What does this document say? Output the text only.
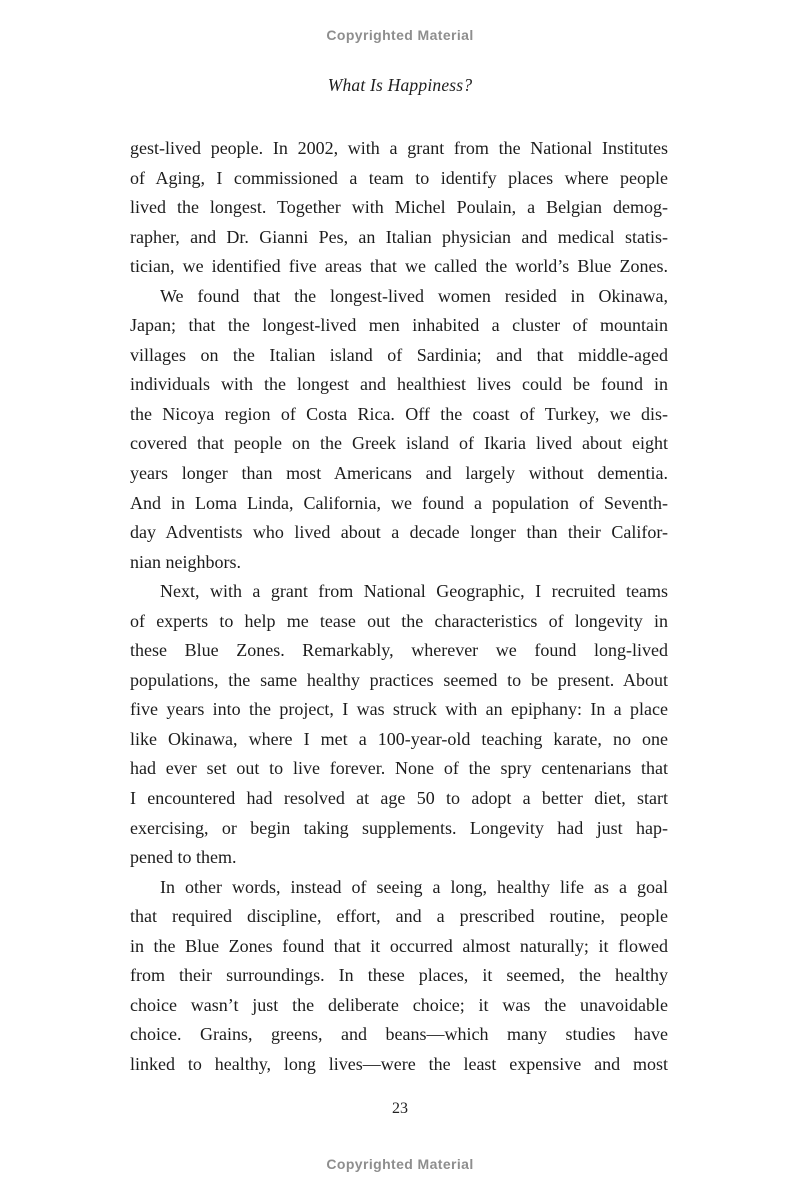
Copyrighted Material
What Is Happiness?
gest-lived people. In 2002, with a grant from the National Institutes
of Aging, I commissioned a team to identify places where people
lived the longest. Together with Michel Poulain, a Belgian demog-
rapher, and Dr. Gianni Pes, an Italian physician and medical statis-
tician, we identified five areas that we called the world’s Blue Zones.
We found that the longest-lived women resided in Okinawa,
Japan; that the longest-lived men inhabited a cluster of mountain
villages on the Italian island of Sardinia; and that middle-aged
individuals with the longest and healthiest lives could be found in
the Nicoya region of Costa Rica. Off the coast of Turkey, we dis-
covered that people on the Greek island of Ikaria lived about eight
years longer than most Americans and largely without dementia.
And in Loma Linda, California, we found a population of Seventh-
day Adventists who lived about a decade longer than their Califor-
nian neighbors.
Next, with a grant from National Geographic, I recruited teams
of experts to help me tease out the characteristics of longevity in
these Blue Zones. Remarkably, wherever we found long-lived
populations, the same healthy practices seemed to be present. About
five years into the project, I was struck with an epiphany: In a place
like Okinawa, where I met a 100-year-old teaching karate, no one
had ever set out to live forever. None of the spry centenarians that
I encountered had resolved at age 50 to adopt a better diet, start
exercising, or begin taking supplements. Longevity had just hap-
pened to them.
In other words, instead of seeing a long, healthy life as a goal
that required discipline, effort, and a prescribed routine, people
in the Blue Zones found that it occurred almost naturally; it flowed
from their surroundings. In these places, it seemed, the healthy
choice wasn’t just the deliberate choice; it was the unavoidable
choice. Grains, greens, and beans—which many studies have
linked to healthy, long lives—were the least expensive and most
23
Copyrighted Material
